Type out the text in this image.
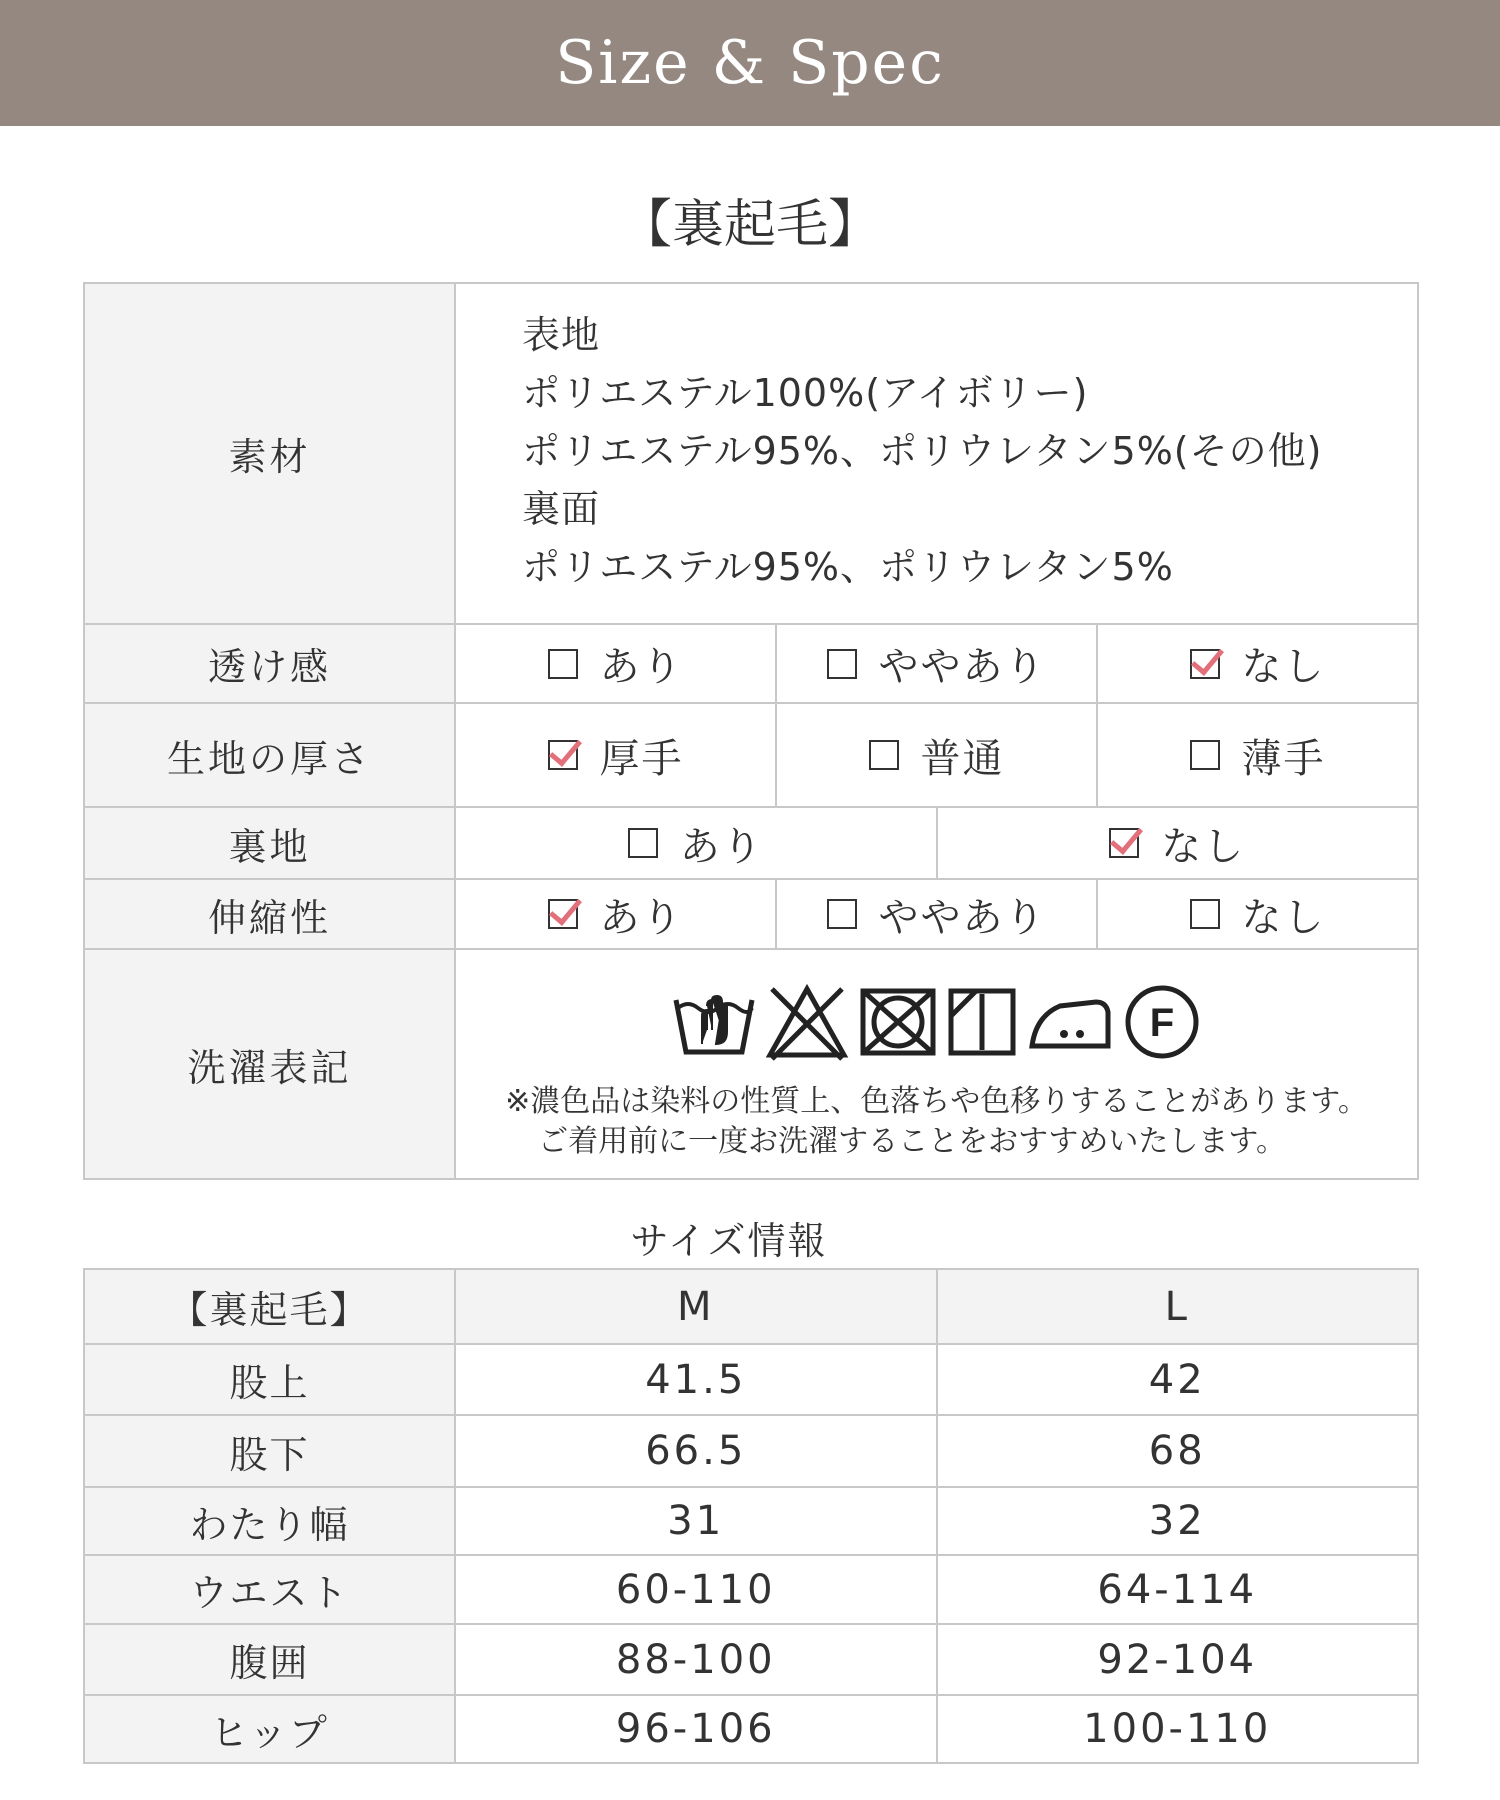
Size & Spec
【裏起毛】
素材
表地
ポリエステル100%(アイボリー)
ポリエステル95%、ポリウレタン5%(その他)
裏面
ポリエステル95%、ポリウレタン5%
透け感	あり	ややあり	なし
生地の厚さ	厚手	普通	薄手
裏地	あり	なし
伸縮性	あり	ややあり	なし
洗濯表記
F
※濃色品は染料の性質上、色落ちや色移りすることがあります。
ご着用前に一度お洗濯することをおすすめいたします。
サイズ情報
【裏起毛】	M	L
股上	41.5	42
股下	66.5	68
わたり幅	31	32
ウエスト	60-110	64-114
腹囲	88-100	92-104
ヒップ	96-106	100-110
